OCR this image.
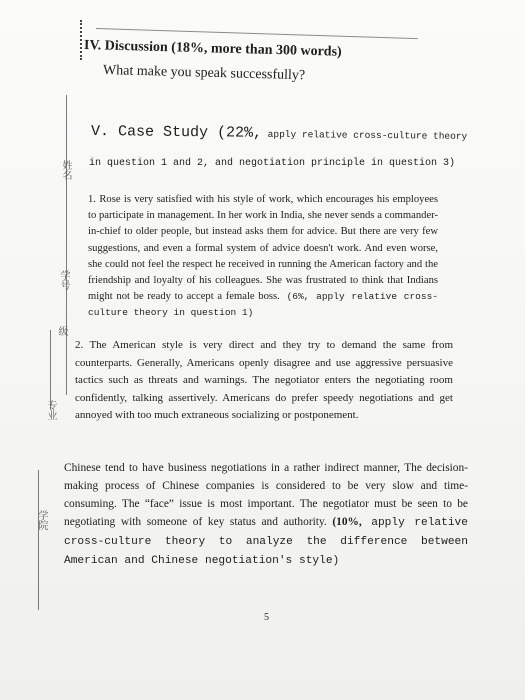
IV. Discussion (18%, more than 300 words)
What make you speak successfully?
姓名
学号
级
专业
学院
V. Case Study (22%, apply relative cross-culture theory
in question 1 and 2, and negotiation principle in question 3)
1. Rose is very satisfied with his style of work, which encourages his employees to participate in management. In her work in India, she never sends a commander-in-chief to older people, but instead asks them for advice. But there are very few suggestions, and even a formal system of advice doesn't work. And even worse, she could not feel the respect he received in running the American factory and the friendship and loyalty of his colleagues. She was frustrated to think that Indians might not be ready to accept a female boss. (6%, apply relative cross-culture theory in question 1)
2. The American style is very direct and they try to demand the same from counterparts. Generally, Americans openly disagree and use aggressive persuasive tactics such as threats and warnings. The negotiator enters the negotiating room confidently, talking assertively. Americans do prefer speedy negotiations and get annoyed with too much extraneous socializing or postponement.
Chinese tend to have business negotiations in a rather indirect manner, The decision-making process of Chinese companies is considered to be very slow and time-consuming. The “face” issue is most important. The negotiator must be seen to be negotiating with someone of key status and authority. (10%, apply relative cross-culture theory to analyze the difference between American and Chinese negotiation's style)
5
